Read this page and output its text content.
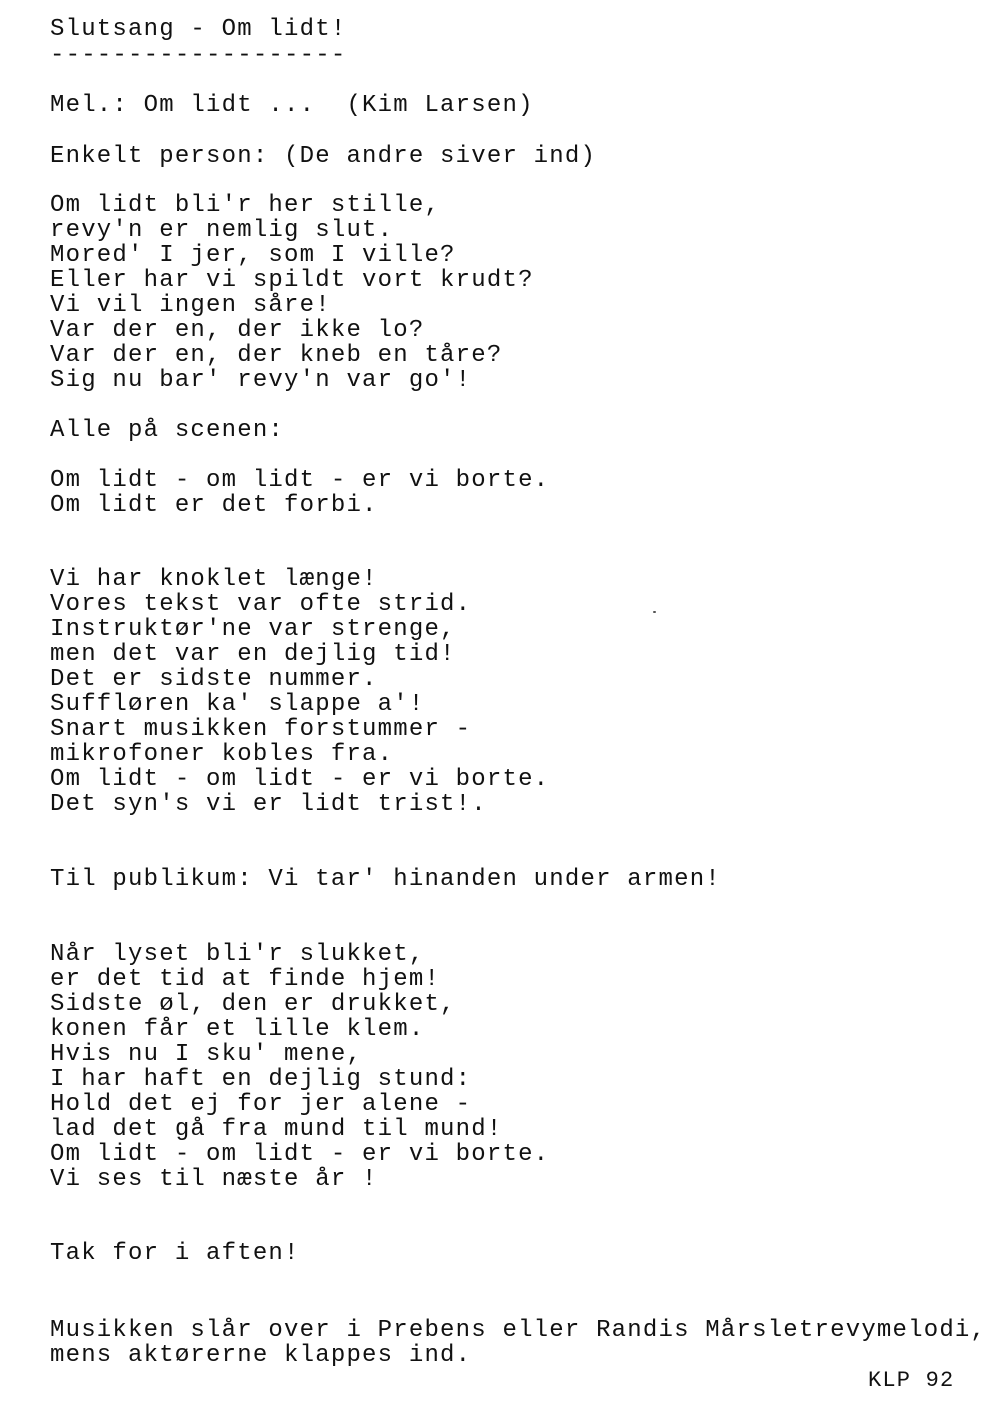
Slutsang - Om lidt!
-------------------
Mel.: Om lidt ...  (Kim Larsen)
Enkelt person: (De andre siver ind)
Om lidt bli'r her stille,
revy'n er nemlig slut.
Mored' I jer, som I ville?
Eller har vi spildt vort krudt?
Vi vil ingen såre!
Var der en, der ikke lo?
Var der en, der kneb en tåre?
Sig nu bar' revy'n var go'!
Alle på scenen:
Om lidt - om lidt - er vi borte.
Om lidt er det forbi.
Vi har knoklet længe!
Vores tekst var ofte strid.
Instruktør'ne var strenge,
men det var en dejlig tid!
Det er sidste nummer.
Suffløren ka' slappe a'!
Snart musikken forstummer -
mikrofoner kobles fra.
Om lidt - om lidt - er vi borte.
Det syn's vi er lidt trist!.
Til publikum: Vi tar' hinanden under armen!
Når lyset bli'r slukket,
er det tid at finde hjem!
Sidste øl, den er drukket,
konen får et lille klem.
Hvis nu I sku' mene,
I har haft en dejlig stund:
Hold det ej for jer alene -
lad det gå fra mund til mund!
Om lidt - om lidt - er vi borte.
Vi ses til næste år !
Tak for i aften!
Musikken slår over i Prebens eller Randis Mårsletrevymelodi,
mens aktørerne klappes ind.
KLP 92
